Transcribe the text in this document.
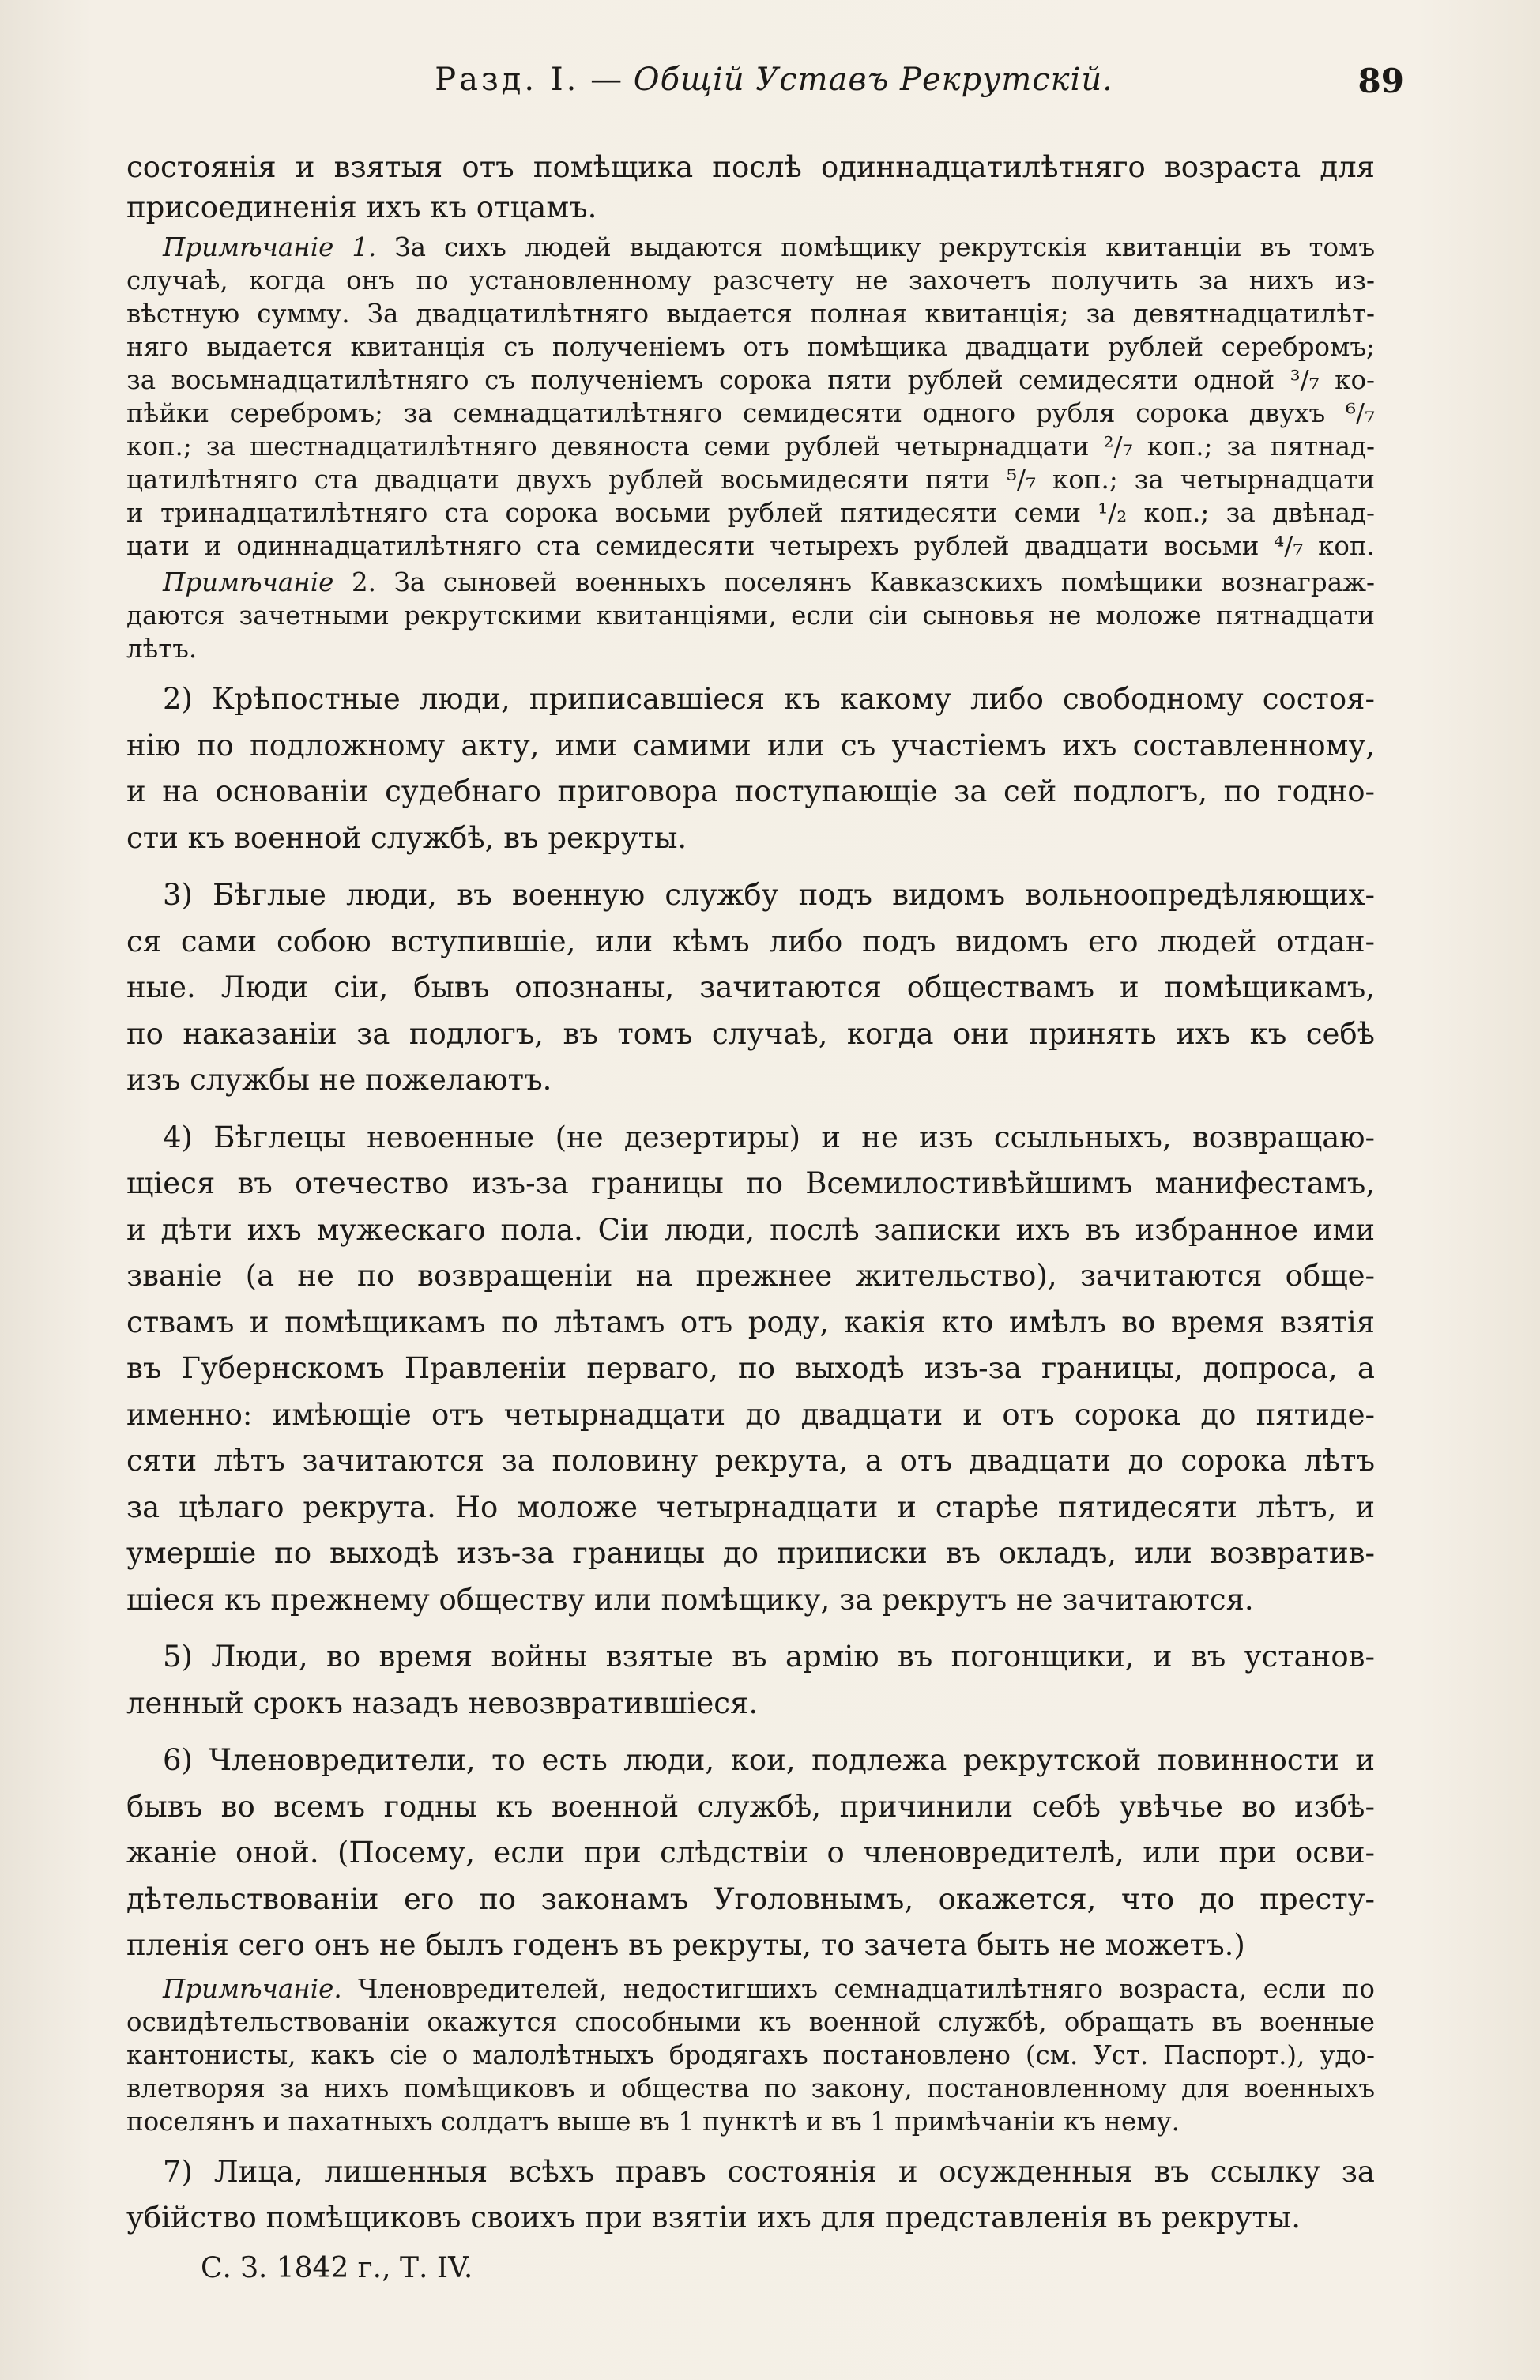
Разд. I. — Общій Уставъ Рекрутскій.	89
состоянія и взятыя отъ помѣщика послѣ одиннадцатилѣтняго возраста для
присоединенія ихъ къ отцамъ.
Примѣчаніе 1. За сихъ людей выдаются помѣщику рекрутскія квитанціи въ томъ
случаѣ, когда онъ по установленному разсчету не захочетъ получить за нихъ из-
вѣстную сумму. За двадцатилѣтняго выдается полная квитанція; за девятнадцатилѣт-
няго выдается квитанція съ полученіемъ отъ помѣщика двадцати рублей серебромъ;
за восьмнадцатилѣтняго съ полученіемъ сорока пяти рублей семидесяти одной ³/₇ ко-
пѣйки серебромъ; за семнадцатилѣтняго семидесяти одного рубля сорока двухъ ⁶/₇
коп.; за шестнадцатилѣтняго девяноста семи рублей четырнадцати ²/₇ коп.; за пятнад-
цатилѣтняго ста двадцати двухъ рублей восьмидесяти пяти ⁵/₇ коп.; за четырнадцати
и тринадцатилѣтняго ста сорока восьми рублей пятидесяти семи ¹/₂ коп.; за двѣнад-
цати и одиннадцатилѣтняго ста семидесяти четырехъ рублей двадцати восьми ⁴/₇ коп.
Примѣчаніе 2. За сыновей военныхъ поселянъ Кавказскихъ помѣщики вознаграж-
даются зачетными рекрутскими квитанціями, если сіи сыновья не моложе пятнадцати
лѣтъ.
2) Крѣпостные люди, приписавшіеся къ какому либо свободному состоя-
нію по подложному акту, ими самими или съ участіемъ ихъ составленному,
и на основаніи судебнаго приговора поступающіе за сей подлогъ, по годно-
сти къ военной службѣ, въ рекруты.
3) Бѣглые люди, въ военную службу подъ видомъ вольноопредѣляющих-
ся сами собою вступившіе, или кѣмъ либо подъ видомъ его людей отдан-
ные. Люди сіи, бывъ опознаны, зачитаются обществамъ и помѣщикамъ,
по наказаніи за подлогъ, въ томъ случаѣ, когда они принять ихъ къ себѣ
изъ службы не пожелаютъ.
4) Бѣглецы невоенные (не дезертиры) и не изъ ссыльныхъ, возвращаю-
щіеся въ отечество изъ-за границы по Всемилостивѣйшимъ манифестамъ,
и дѣти ихъ мужескаго пола. Сіи люди, послѣ записки ихъ въ избранное ими
званіе (а не по возвращеніи на прежнее жительство), зачитаются обще-
ствамъ и помѣщикамъ по лѣтамъ отъ роду, какія кто имѣлъ во время взятія
въ Губернскомъ Правленіи перваго, по выходѣ изъ-за границы, допроса, а
именно: имѣющіе отъ четырнадцати до двадцати и отъ сорока до пятиде-
сяти лѣтъ зачитаются за половину рекрута, а отъ двадцати до сорока лѣтъ
за цѣлаго рекрута. Но моложе четырнадцати и старѣе пятидесяти лѣтъ, и
умершіе по выходѣ изъ-за границы до приписки въ окладъ, или возвратив-
шіеся къ прежнему обществу или помѣщику, за рекрутъ не зачитаются.
5) Люди, во время войны взятые въ армію въ погонщики, и въ установ-
ленный срокъ назадъ невозвратившіеся.
6) Членовредители, то есть люди, кои, подлежа рекрутской повинности и
бывъ во всемъ годны къ военной службѣ, причинили себѣ увѣчье во избѣ-
жаніе оной. (Посему, если при слѣдствіи о членовредителѣ, или при осви-
дѣтельствованіи его по законамъ Уголовнымъ, окажется, что до престу-
пленія сего онъ не былъ годенъ въ рекруты, то зачета быть не можетъ.)
Примѣчаніе. Членовредителей, недостигшихъ семнадцатилѣтняго возраста, если по
освидѣтельствованіи окажутся способными къ военной службѣ, обращать въ военные
кантонисты, какъ сіе о малолѣтныхъ бродягахъ постановлено (см. Уст. Паспорт.), удо-
влетворяя за нихъ помѣщиковъ и общества по закону, постановленному для военныхъ
поселянъ и пахатныхъ солдатъ выше въ 1 пунктѣ и въ 1 примѣчаніи къ нему.
7) Лица, лишенныя всѣхъ правъ состоянія и осужденныя въ ссылку за
убійство помѣщиковъ своихъ при взятіи ихъ для представленія въ рекруты.
С. З. 1842 г., Т. IV.
